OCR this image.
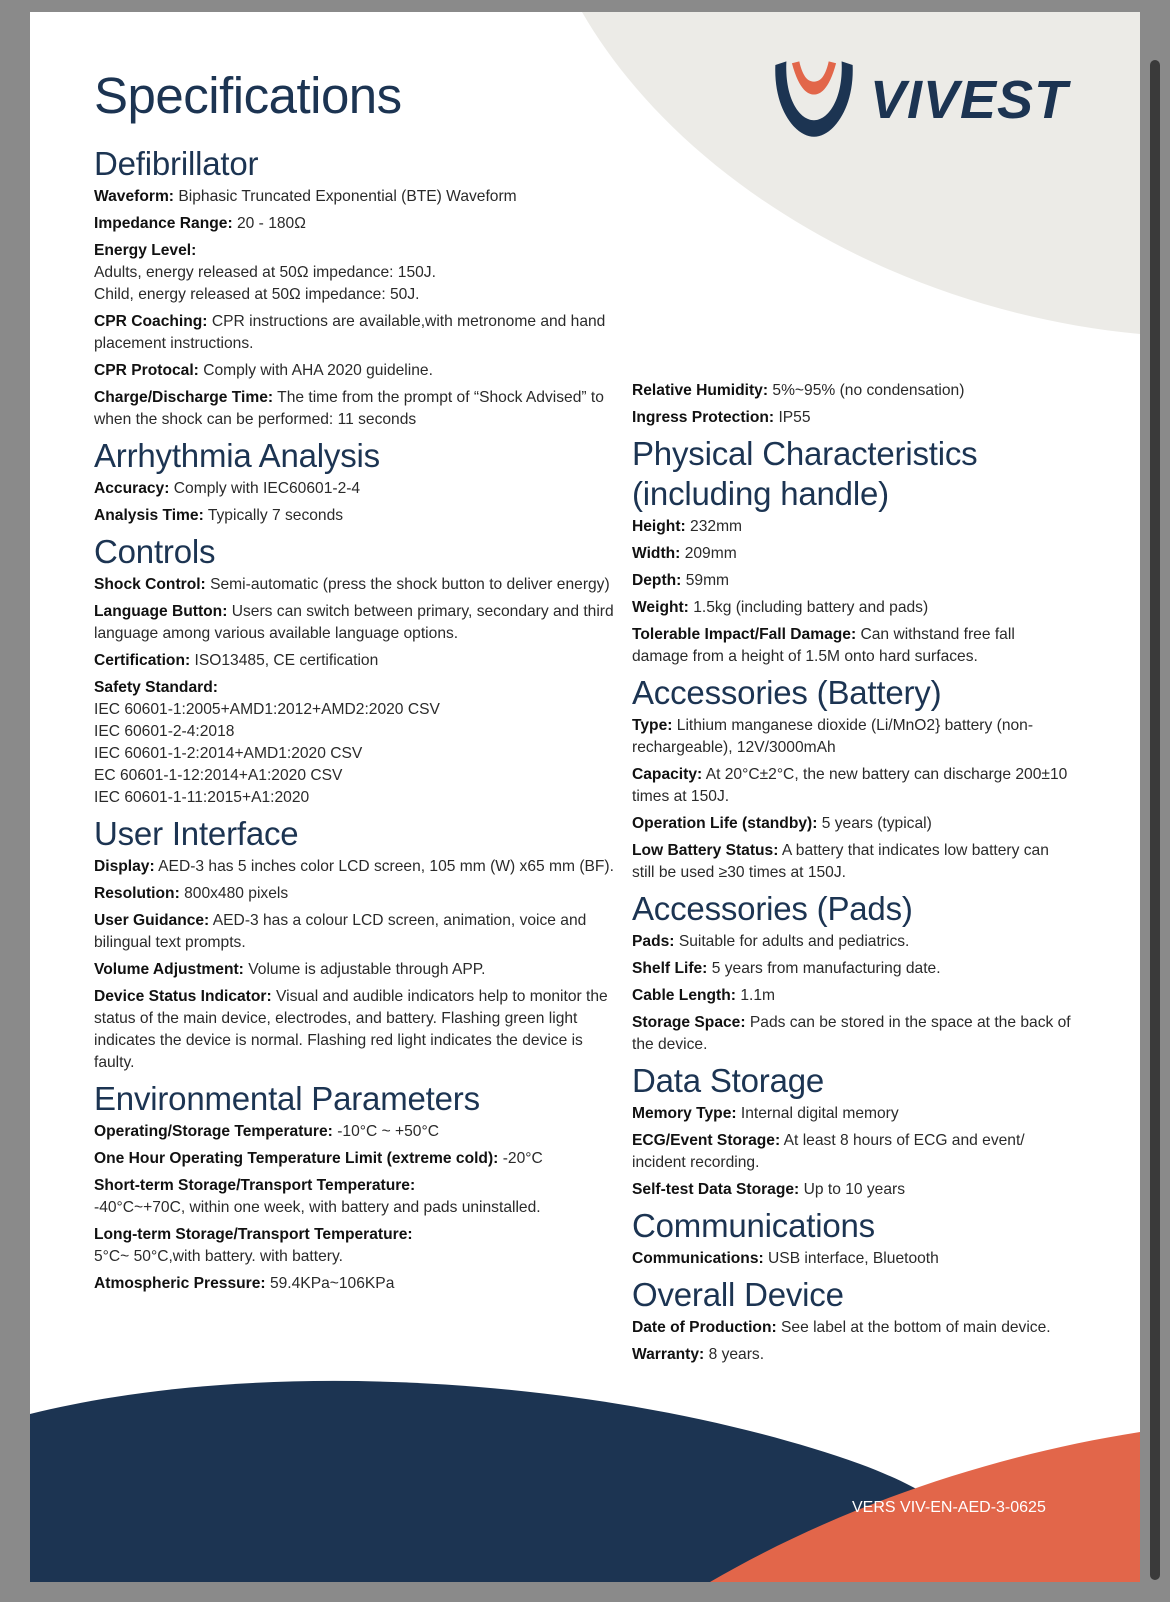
VIVEST
Specifications
Defibrillator
Waveform: Biphasic Truncated Exponential (BTE) Waveform
Impedance Range: 20 - 180Ω
Energy Level:
Adults, energy released at 50Ω impedance: 150J.
Child, energy released at 50Ω impedance: 50J.
CPR Coaching: CPR instructions are available,with metronome and hand placement instructions.
CPR Protocal: Comply with AHA 2020 guideline.
Charge/Discharge Time: The time from the prompt of “Shock Advised” to when the shock can be performed: 11 seconds
Arrhythmia Analysis
Accuracy: Comply with IEC60601-2-4
Analysis Time: Typically 7 seconds
Controls
Shock Control: Semi-automatic (press the shock button to deliver energy)
Language Button: Users can switch between primary, secondary and third language among various available language options.
Certification: ISO13485, CE certification
Safety Standard:
IEC 60601-1:2005+AMD1:2012+AMD2:2020 CSV
IEC 60601-2-4:2018
IEC 60601-1-2:2014+AMD1:2020 CSV
EC 60601-1-12:2014+A1:2020 CSV
IEC 60601-1-11:2015+A1:2020
User Interface
Display: AED-3 has 5 inches color LCD screen, 105 mm (W) x65 mm (BF).
Resolution: 800x480 pixels
User Guidance: AED-3 has a colour LCD screen, animation, voice and bilingual text prompts.
Volume Adjustment: Volume is adjustable through APP.
Device Status Indicator: Visual and audible indicators help to monitor the status of the main device, electrodes, and battery. Flashing green light indicates the device is normal. Flashing red light indicates the device is faulty.
Environmental Parameters
Operating/Storage Temperature: -10°C ~ +50°C
One Hour Operating Temperature Limit (extreme cold): -20°C
Short-term Storage/Transport Temperature:
-40°C~+70C, within one week, with battery and pads uninstalled.
Long-term Storage/Transport Temperature:
5°C~ 50°C,with battery. with battery.
Atmospheric Pressure: 59.4KPa~106KPa
Relative Humidity: 5%~95% (no condensation)
Ingress Protection: IP55
Physical Characteristics (including handle)
Height: 232mm
Width: 209mm
Depth: 59mm
Weight: 1.5kg (including battery and pads)
Tolerable Impact/Fall Damage: Can withstand free fall damage from a height of 1.5M onto hard surfaces.
Accessories (Battery)
Type: Lithium manganese dioxide (Li/MnO2} battery (non-rechargeable), 12V/3000mAh
Capacity: At 20°C±2°C, the new battery can discharge 200±10 times at 150J.
Operation Life (standby): 5 years (typical)
Low Battery Status: A battery that indicates low battery can still be used ≥30 times at 150J.
Accessories (Pads)
Pads: Suitable for adults and pediatrics.
Shelf Life: 5 years from manufacturing date.
Cable Length: 1.1m
Storage Space: Pads can be stored in the space at the back of the device.
Data Storage
Memory Type: Internal digital memory
ECG/Event Storage: At least 8 hours of ECG and event/ incident recording.
Self-test Data Storage: Up to 10 years
Communications
Communications: USB interface, Bluetooth
Overall Device
Date of Production: See label at the bottom of main device.
Warranty: 8 years.
VERS VIV-EN-AED-3-0625
